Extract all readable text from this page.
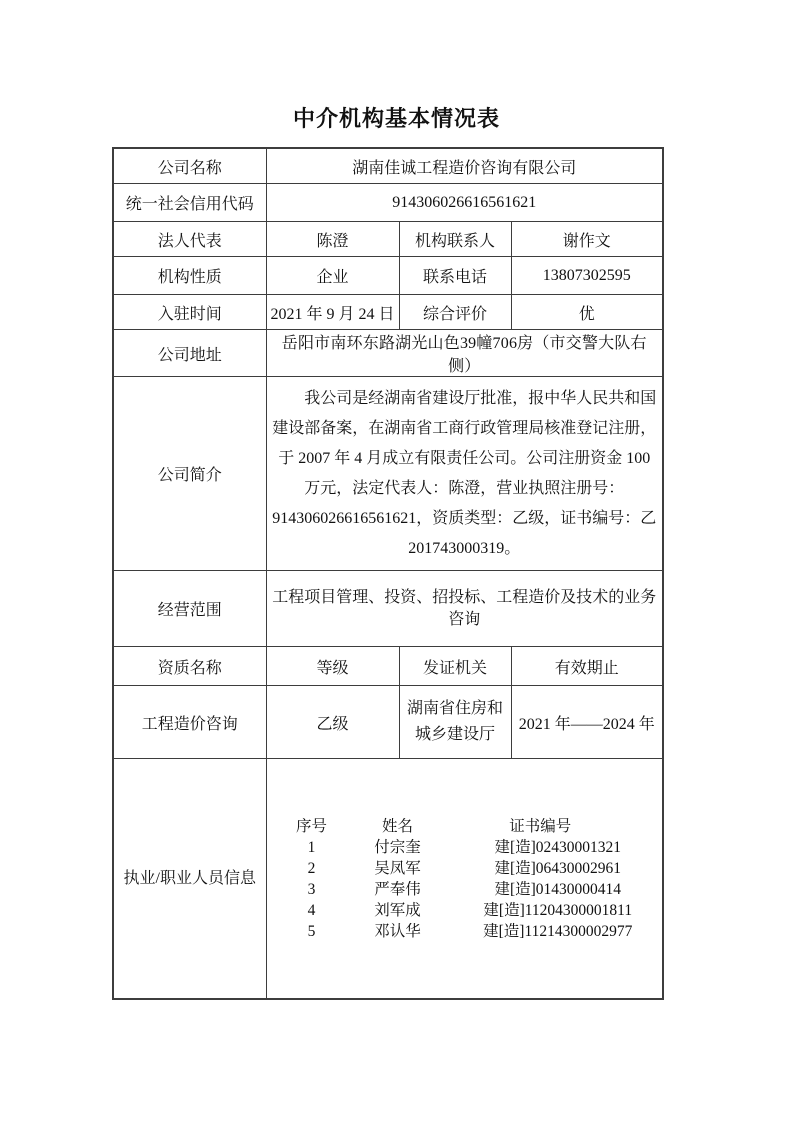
中介机构基本情况表
公司名称	湖南佳诚工程造价咨询有限公司		
统一社会信用代码	914306026616561621		
法人代表	陈澄	机构联系人	谢作文
机构性质	企业	联系电话	13807302595
入驻时间	2021 年 9 月 24 日	综合评价	优
公司地址	岳阳市南环东路湖光山色39幢706房（市交警大队右侧）		
公司简介	
我公司是经湖南省建设厅批准，报中华人民共和国
建设部备案，在湖南省工商行政管理局核准登记注册，
于 2007 年 4 月成立有限责任公司。公司注册资金 100
万元，法定代表人：陈澄，营业执照注册号：
914306026616561621，资质类型：乙级，证书编号：乙
201743000319。

经营范围	工程项目管理、投资、招投标、工程造价及技术的业务
咨询		

资质名称	等级	发证机关	有效期止
工程造价咨询	乙级	湖南省住房和
城乡建设厅	2021 年——2024 年
执业/职业人员信息	
序号	姓名	证书编号
1	付宗奎	建[造]02430001321
2	吴凤军	建[造]06430002961
3	严奉伟	建[造]01430000414
4	刘军成	建[造]11204300001811
5	邓认华	建[造]11214300002977
